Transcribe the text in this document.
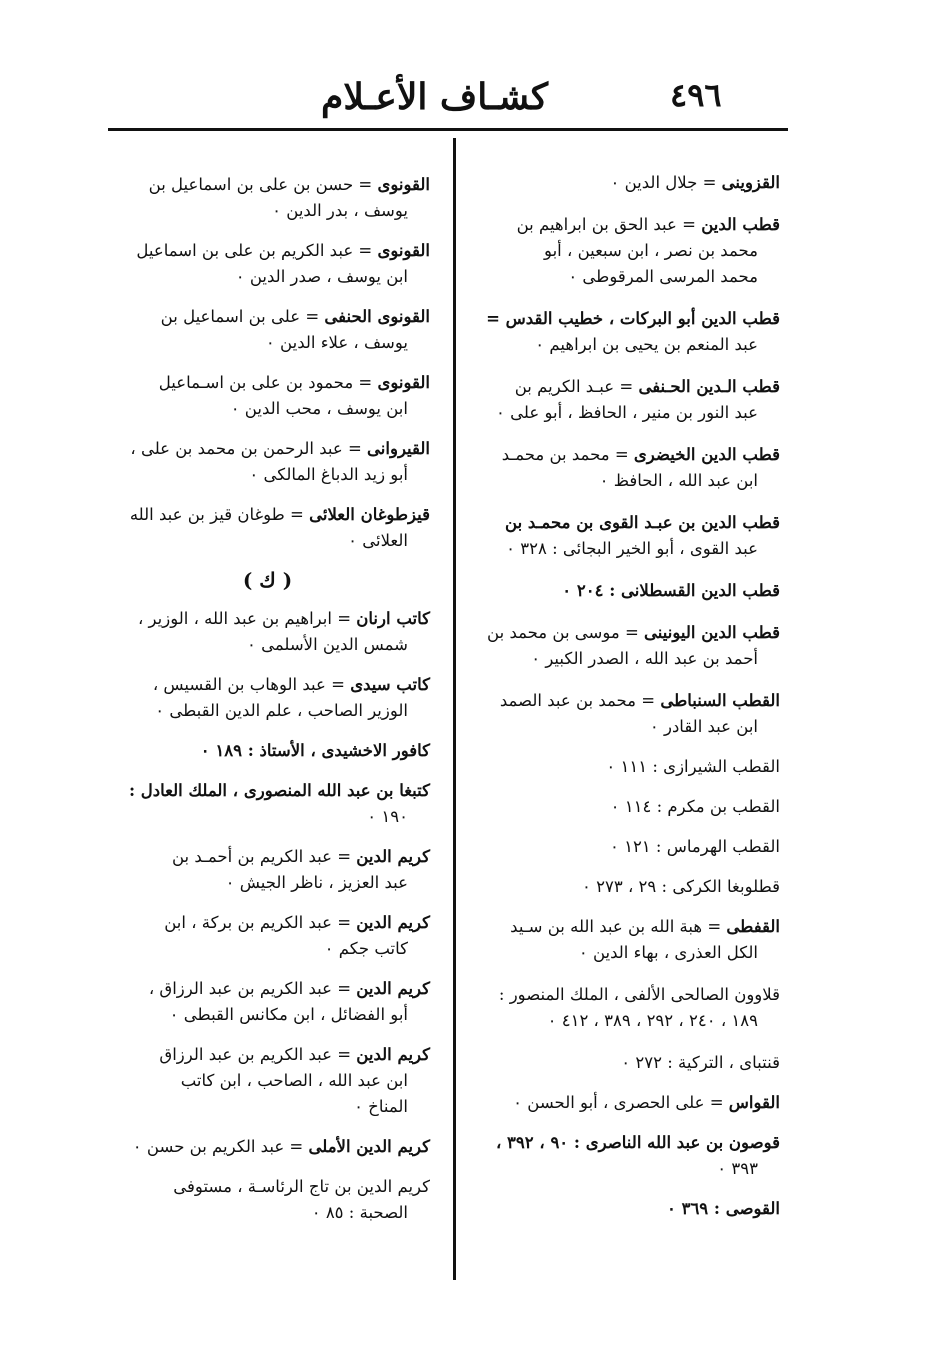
كشـاف الأعـلام	٤٩٦
القزوينى = جلال الدين ٠
قطب الدين = عبد الحق بن ابراهيم بن
محمد بن نصر ، ابن سبعين ، أبو
محمد المرسى المرقوطى ٠
قطب الدين أبو البركات ، خطيب القدس =
عبد المنعم بن يحيى بن ابراهيم ٠
قطب الـدين الحـنفى = عبـد الكريم بن
عبد النور بن منير ، الحافظ ، أبو على ٠
قطب الدين الخيضرى = محمد بن محمـد
ابن عبد الله ، الحافظ ٠
قطب الدين بن عبـد القوى بن محمـد بن
عبد القوى ، أبو الخير البجائى : ٣٢٨ ٠
قطب الدين القسطلانى : ٢٠٤ ٠
قطب الدين اليونينى = موسى بن محمد بن
أحمد بن عبد الله ، الصدر الكبير ٠
القطب السنباطى = محمد بن عبد الصمد
ابن عبد القادر ٠
القطب الشيرازى : ١١١ ٠
القطب بن مكرم : ١١٤ ٠
القطب الهرماس : ١٢١ ٠
قطلوبغا الكركى : ٢٩ ، ٢٧٣ ٠
القفطى = هبة الله بن عبد الله بن سـيد
الكل العذرى ، بهاء الدين ٠
قلاوون الصالحى الألفى ، الملك المنصور :
١٨٩ ، ٢٤٠ ، ٢٩٢ ، ٣٨٩ ، ٤١٢ ٠
قنتباى ، التركية : ٢٧٢ ٠
القواس = على الحصرى ، أبو الحسن ٠
قوصون بن عبد الله الناصرى : ٩٠ ، ٣٩٢ ،
٣٩٣ ٠
القوصى : ٣٦٩ ٠
القونوى = حسن بن على بن اسماعيل بن
يوسف ، بدر الدين ٠
القونوى = عبد الكريم بن على بن اسماعيل
ابن يوسف ، صدر الدين ٠
القونوى الحنفى = على بن اسماعيل بن
يوسف ، علاء الدين ٠
القونوى = محمود بن على بن اسـماعيل
ابن يوسف ، محب الدين ٠
القيروانى = عبد الرحمن بن محمد بن على ،
أبو زيد الدباغ المالكى ٠
قيزطوغان العلائى = طوغان قيز بن عبد الله
العلائى ٠
( ك )
كاتب ارنان = ابراهيم بن عبد الله ، الوزير ،
شمس الدين الأسلمى ٠
كاتب سيدى = عبد الوهاب بن القسيس ،
الوزير الصاحب ، علم الدين القبطى ٠
كافور الاخشيدى ، الأستاذ : ١٨٩ ٠
كتبغا بن عبد الله المنصورى ، الملك العادل :
١٩٠ ٠
كريم الدين = عبد الكريم بن أحمـد بن
عبد العزيز ، ناظر الجيش ٠
كريم الدين = عبد الكريم بن بركة ، ابن
كاتب جكم ٠
كريم الدين = عبد الكريم بن عبد الرزاق ،
أبو الفضائل ، ابن مكانس القبطى ٠
كريم الدين = عبد الكريم بن عبد الرزاق
ابن عبد الله ، الصاحب ، ابن كاتب
المناخ ٠
كريم الدين الأملى = عبد الكريم بن حسن ٠
كريم الدين بن تاج الرئاسـة ، مستوفى
الصحبة : ٨٥ ٠
